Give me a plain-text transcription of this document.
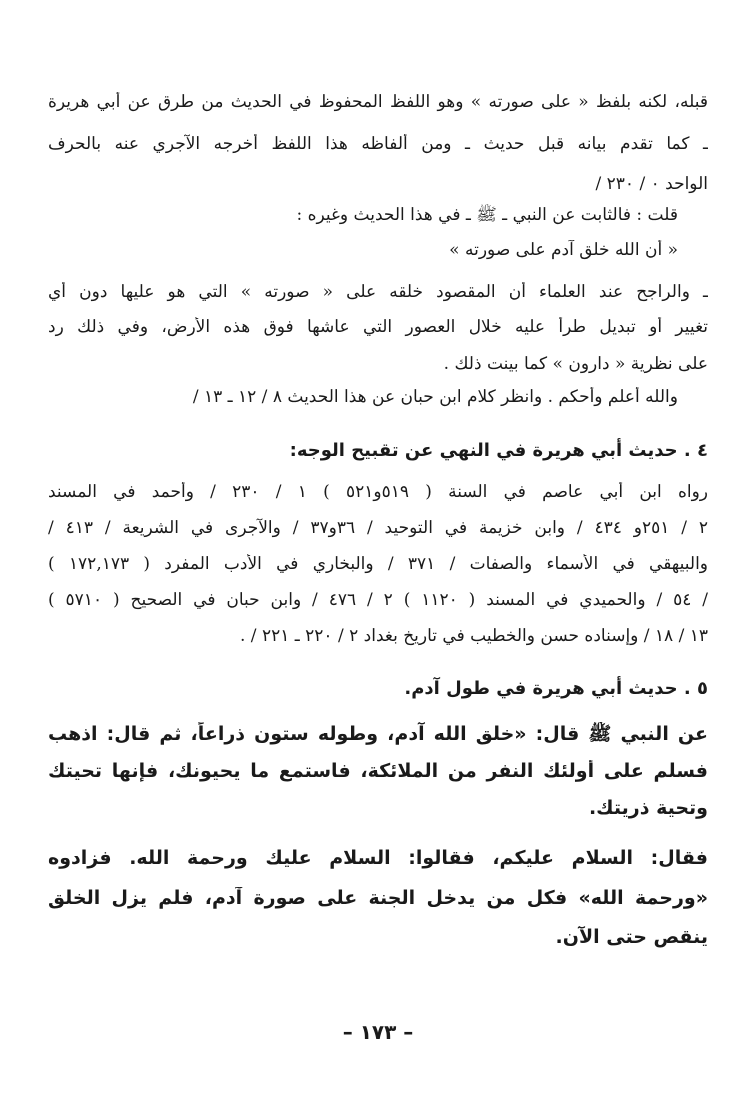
قبله، لكنه بلفظ « على صورته » وهو اللفظ المحفوظ في الحديث من طرق عن أبي هريرة
ـ كما تقدم بيانه قبل حديث ـ ومن ألفاظه هذا اللفظ أخرجه الآجري عنه بالحرف
الواحد ٠ / ٢٣٠ /
قلت : فالثابت عن النبي ـ ﷺ ـ في هذا الحديث وغيره :
« أن الله خلق آدم على صورته »
ـ والراجح عند العلماء أن المقصود خلقه على « صورته » التي هو عليها دون أي
تغيير أو تبديل طرأ عليه خلال العصور التي عاشها فوق هذه الأرض، وفي ذلك رد
على نظرية « دارون » كما بينت ذلك .
والله أعلم وأحكم . وانظر كلام ابن حبان عن هذا الحديث ٨ / ١٢ ـ ١٣ /
٤ . حديث أبي هريرة في النهي عن تقبيح الوجه:
رواه ابن أبي عاصم في السنة ( ٥١٩و٥٢١ ) ١ / ٢٣٠ / وأحمد في المسند
٢ / ٢٥١و ٤٣٤ / وابن خزيمة في التوحيد / ٣٦و٣٧ / والآجرى في الشريعة / ٤١٣ /
والبيهقي في الأسماء والصفات / ٣٧١ / والبخاري في الأدب المفرد ( ١٧٢,١٧٣ )
/ ٥٤ / والحميدي في المسند ( ١١٢٠ ) ٢ / ٤٧٦ / وابن حبان في الصحيح ( ٥٧١٠ )
١٣ / ١٨ / وإسناده حسن والخطيب في تاريخ بغداد ٢ / ٢٢٠ ـ ٢٢١ / .
٥ . حديث أبي هريرة في طول آدم.
عن النبي ﷺ قال: «خلق الله آدم، وطوله ستون ذراعاً، ثم قال: اذهب
فسلم على أولئك النفر من الملائكة، فاستمع ما يحيونك، فإنها تحيتك
وتحية ذريتك.
فقال: السلام عليكم، فقالوا: السلام عليك ورحمة الله. فزادوه
«ورحمة الله» فكل من يدخل الجنة على صورة آدم، فلم يزل الخلق
ينقص حتى الآن.
– ١٧٣ –
